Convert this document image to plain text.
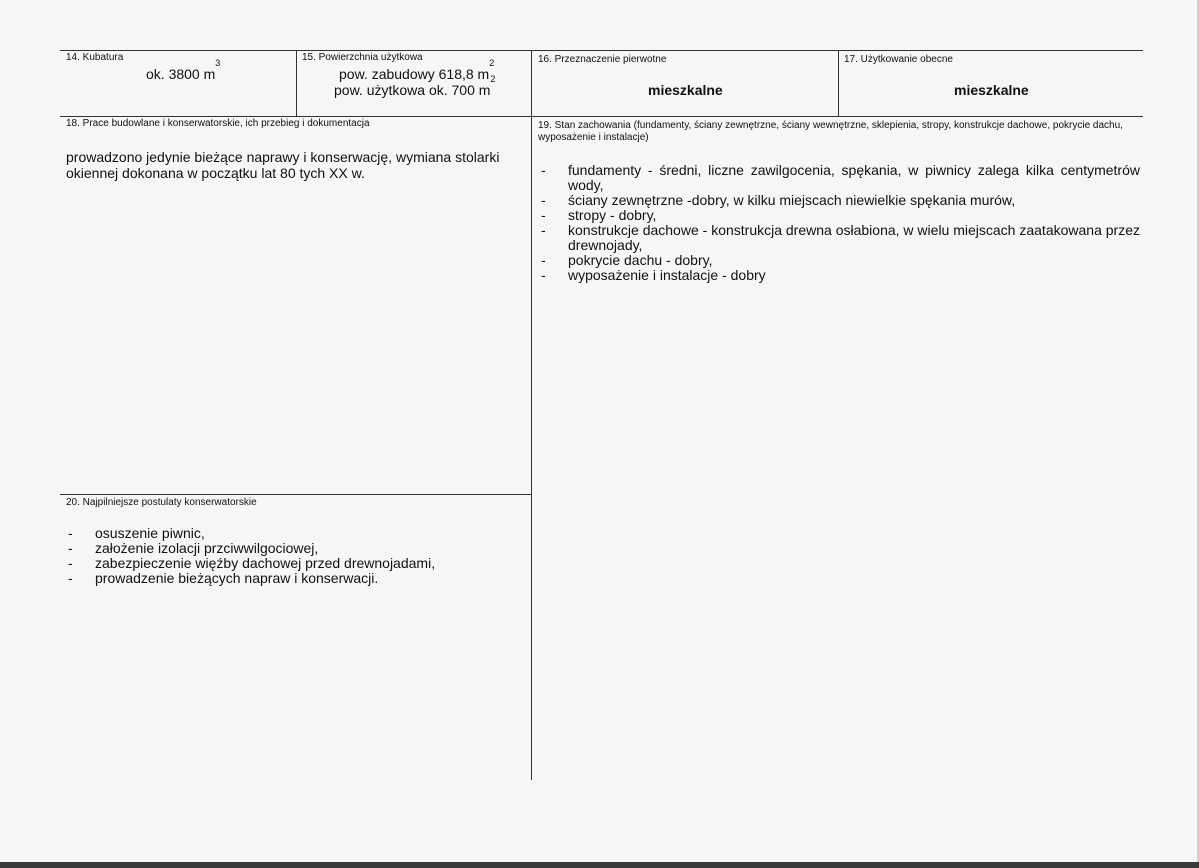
14. Kubatura
ok. 3800 $m^3$	15. Powierzchnia użytkowa
pow. zabudowy 618,8 $m^2$
pow. użytkowa ok. 700 $m^2$
16. Przeznaczenie pierwotne
mieszkalne
17. Użytkowanie obecne
mieszkalne
18. Prace budowlane i konserwatorskie, ich przebieg i dokumentacja
prowadzono jedynie bieżące naprawy i konserwację, wymiana stolarki okiennej dokonana w początku lat 80 tych XX w.
19. Stan zachowania (fundamenty, ściany zewnętrzne, ściany wewnętrzne, sklepienia, stropy, konstrukcje dachowe, pokrycie dachu, wyposażenie i instalacje)
- fundamenty - średni, liczne zawilgocenia, spękania, w piwnicy zalega kilka centymetrów wody,
- ściany zewnętrzne -dobry, w kilku miejscach niewielkie spękania murów,
- stropy - dobry,
- konstrukcje dachowe - konstrukcja drewna osłabiona, w wielu miejscach zaatakowana przez drewnojady,
- pokrycie dachu - dobry,
- wyposażenie i instalacje - dobry
20. Najpilniejsze postulaty konserwatorskie
- osuszenie piwnic,
- założenie izolacji przciwwilgociowej,
- zabezpieczenie więźby dachowej przed drewnojadami,
- prowadzenie bieżących napraw i konserwacji.
